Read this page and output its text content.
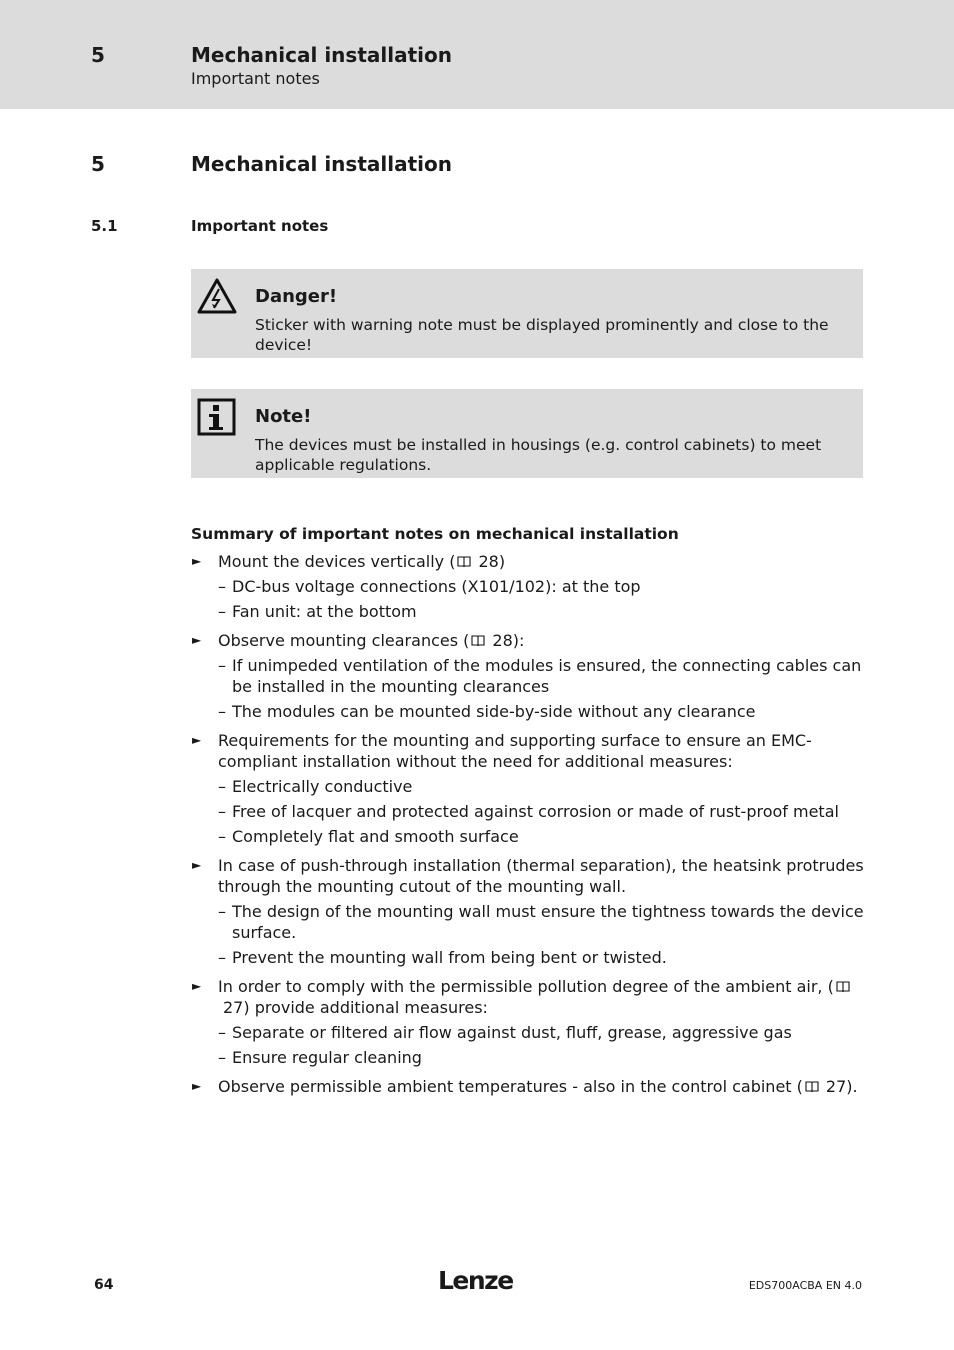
5	Mechanical installation
Important notes
5	Mechanical installation
5.1	Important notes
Danger!
Sticker with warning note must be displayed prominently and close to the device!
Note!
The devices must be installed in housings (e.g. control cabinets) to meet applicable regulations.
Summary of important notes on mechanical installation
► Mount the devices vertically ( 28)
– DC-bus voltage connections (X101/102): at the top
– Fan unit: at the bottom
► Observe mounting clearances ( 28):
– If unimpeded ventilation of the modules is ensured, the connecting cables can be installed in the mounting clearances
– The modules can be mounted side-by-side without any clearance
► Requirements for the mounting and supporting surface to ensure an EMC-compliant installation without the need for additional measures:
– Electrically conductive
– Free of lacquer and protected against corrosion or made of rust-proof metal
– Completely flat and smooth surface
► In case of push-through installation (thermal separation), the heatsink protrudes through the mounting cutout of the mounting wall.
– The design of the mounting wall must ensure the tightness towards the device surface.
– Prevent the mounting wall from being bent or twisted.
► In order to comply with the permissible pollution degree of the ambient air, (27) provide additional measures:
– Separate or filtered air flow against dust, fluff, grease, aggressive gas
– Ensure regular cleaning
► Observe permissible ambient temperatures - also in the control cabinet ( 27).
64	Lenze	EDS700ACBA EN 4.0
